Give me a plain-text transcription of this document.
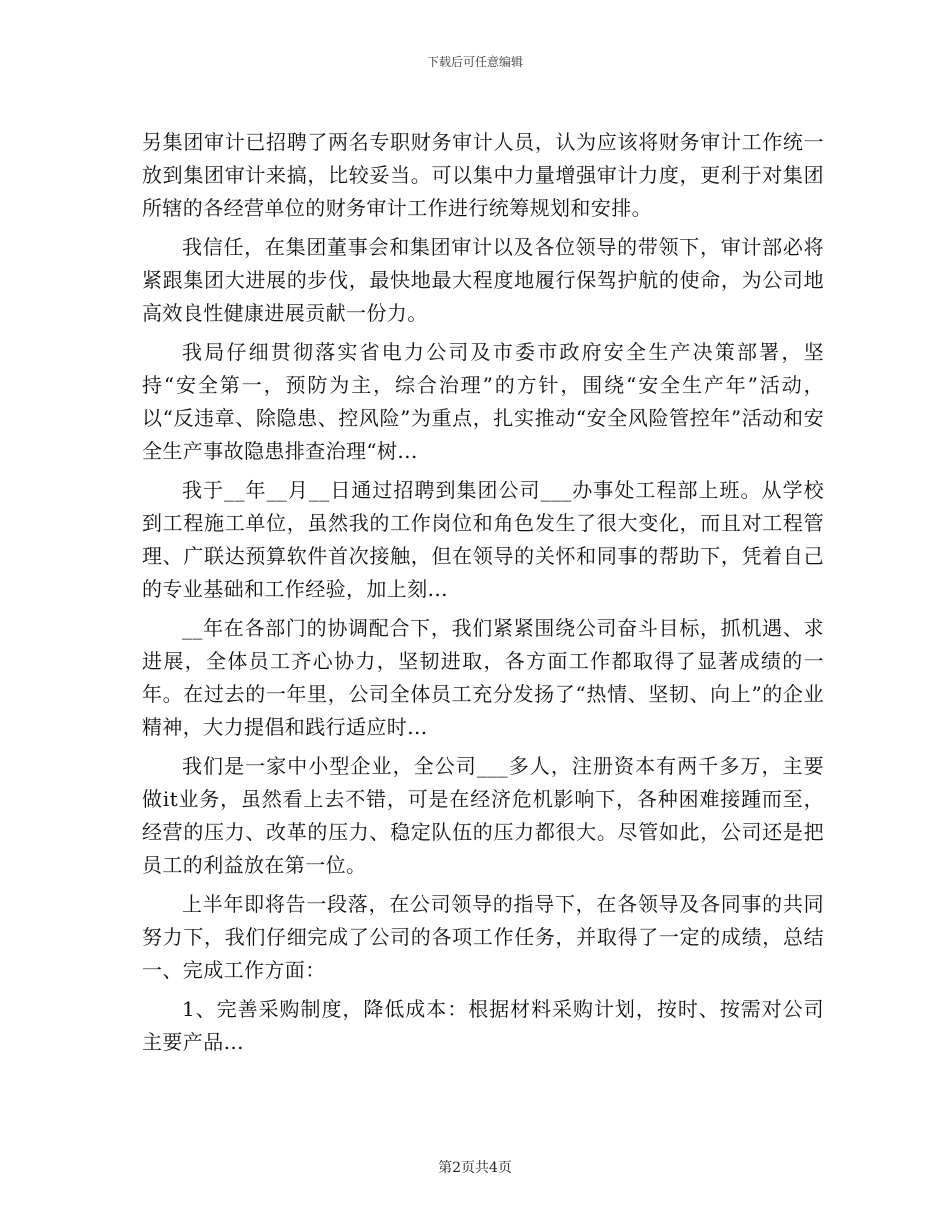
下载后可任意编辑

另集团审计已招聘了两名专职财务审计人员，认为应该将财务审计工作统一放到集团审计来搞，比较妥当。可以集中力量增强审计力度，更利于对集团所辖的各经营单位的财务审计工作进行统筹规划和安排。

我信任，在集团董事会和集团审计以及各位领导的带领下，审计部必将紧跟集团大进展的步伐，最快地最大程度地履行保驾护航的使命，为公司地高效良性健康进展贡献一份力。

我局仔细贯彻落实省电力公司及市委市政府安全生产决策部署，坚持“安全第一，预防为主，综合治理”的方针，围绕“安全生产年”活动，以“反违章、除隐患、控风险”为重点，扎实推动“安全风险管控年”活动和安全生产事故隐患排查治理“树...

我于__年__月__日通过招聘到集团公司___办事处工程部上班。从学校到工程施工单位，虽然我的工作岗位和角色发生了很大变化，而且对工程管理、广联达预算软件首次接触，但在领导的关怀和同事的帮助下，凭着自己的专业基础和工作经验，加上刻...

__年在各部门的协调配合下，我们紧紧围绕公司奋斗目标，抓机遇、求进展，全体员工齐心协力，坚韧进取，各方面工作都取得了显著成绩的一年。在过去的一年里，公司全体员工充分发扬了“热情、坚韧、向上”的企业精神，大力提倡和践行适应时...

我们是一家中小型企业，全公司___多人，注册资本有两千多万，主要做it业务，虽然看上去不错，可是在经济危机影响下，各种困难接踵而至，经营的压力、改革的压力、稳定队伍的压力都很大。尽管如此，公司还是把员工的利益放在第一位。

上半年即将告一段落，在公司领导的指导下，在各领导及各同事的共同努力下，我们仔细完成了公司的各项工作任务，并取得了一定的成绩，总结一、完成工作方面：

1、完善采购制度，降低成本：根据材料采购计划，按时、按需对公司主要产品...

第2页共4页
